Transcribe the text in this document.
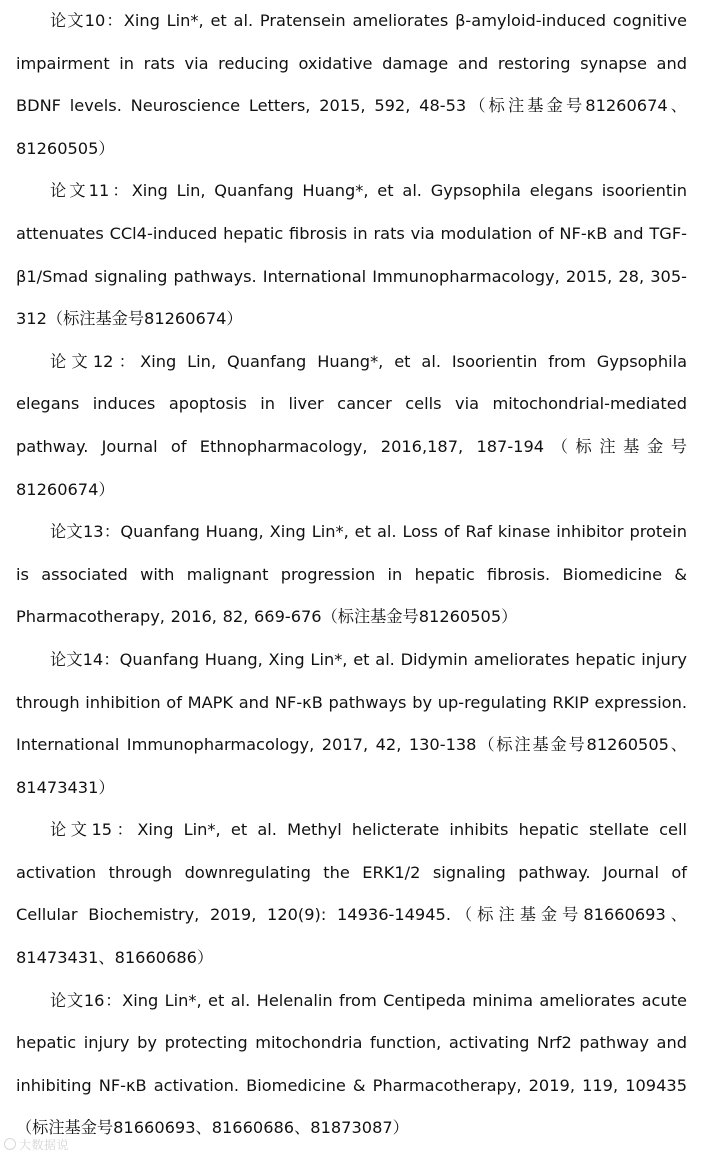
论文10：Xing Lin*, et al. Pratensein ameliorates β-amyloid-induced cognitive impairment in rats via reducing oxidative damage and restoring synapse and BDNF levels. Neuroscience Letters, 2015, 592, 48-53（标注基金号81260674、81260505）

论文11：Xing Lin, Quanfang Huang*, et al. Gypsophila elegans isoorientin attenuates CCl4-induced hepatic fibrosis in rats via modulation of NF-κB and TGF-β1/Smad signaling pathways. International Immunopharmacology, 2015, 28, 305-312（标注基金号81260674）

论文12：Xing Lin, Quanfang Huang*, et al. Isoorientin from Gypsophila elegans induces apoptosis in liver cancer cells via mitochondrial-mediated pathway. Journal of Ethnopharmacology, 2016,187, 187-194（标注基金号81260674）

论文13：Quanfang Huang, Xing Lin*, et al. Loss of Raf kinase inhibitor protein is associated with malignant progression in hepatic fibrosis. Biomedicine & Pharmacotherapy, 2016, 82, 669-676（标注基金号81260505）

论文14：Quanfang Huang, Xing Lin*, et al. Didymin ameliorates hepatic injury through inhibition of MAPK and NF-κB pathways by up-regulating RKIP expression. International Immunopharmacology, 2017, 42, 130-138（标注基金号81260505、81473431）

论文15：Xing Lin*, et al. Methyl helicterate inhibits hepatic stellate cell activation through downregulating the ERK1/2 signaling pathway. Journal of Cellular Biochemistry, 2019, 120(9): 14936-14945.（标注基金号81660693、81473431、81660686）

论文16：Xing Lin*, et al. Helenalin from Centipeda minima ameliorates acute hepatic injury by protecting mitochondria function, activating Nrf2 pathway and inhibiting NF-κB activation. Biomedicine & Pharmacotherapy, 2019, 119, 109435（标注基金号81660693、81660686、81873087）

大数据说
